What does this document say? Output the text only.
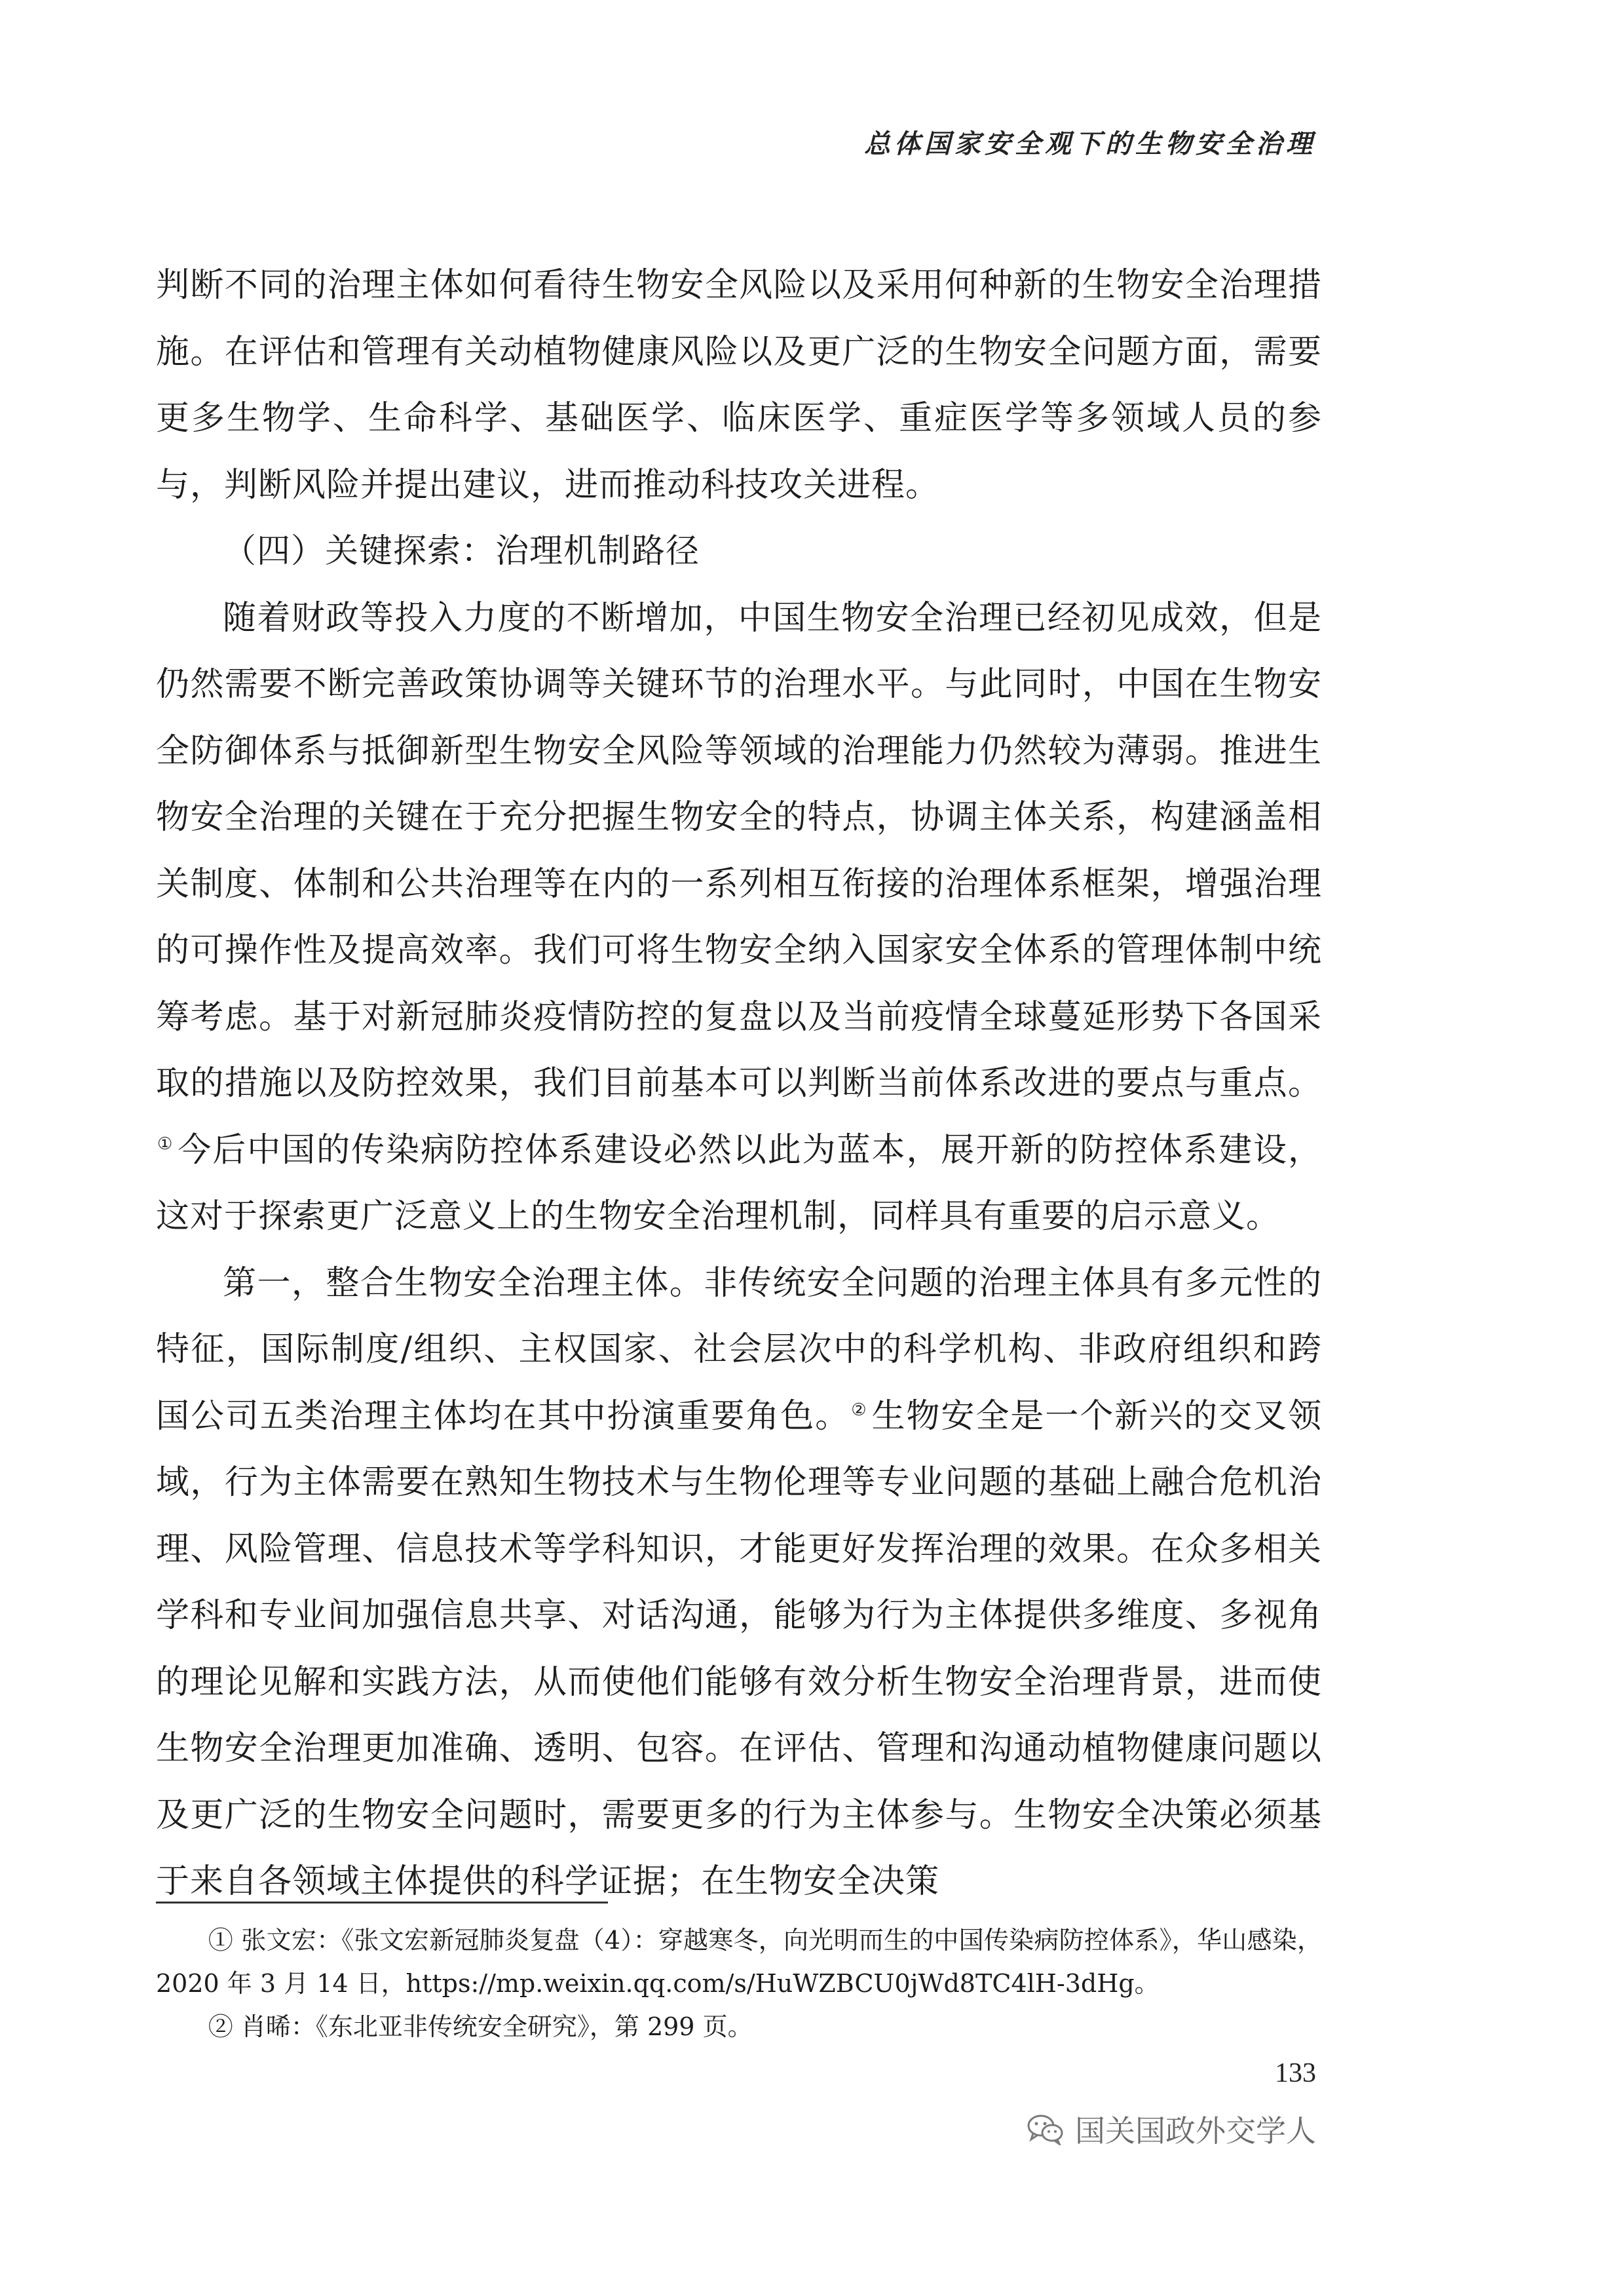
总体国家安全观下的生物安全治理

判断不同的治理主体如何看待生物安全风险以及采用何种新的生物安全治理措施。在评估和管理有关动植物健康风险以及更广泛的生物安全问题方面，需要更多生物学、生命科学、基础医学、临床医学、重症医学等多领域人员的参与，判断风险并提出建议，进而推动科技攻关进程。

（四）关键探索：治理机制路径

随着财政等投入力度的不断增加，中国生物安全治理已经初见成效，但是仍然需要不断完善政策协调等关键环节的治理水平。与此同时，中国在生物安全防御体系与抵御新型生物安全风险等领域的治理能力仍然较为薄弱。推进生物安全治理的关键在于充分把握生物安全的特点，协调主体关系，构建涵盖相关制度、体制和公共治理等在内的一系列相互衔接的治理体系框架，增强治理的可操作性及提高效率。我们可将生物安全纳入国家安全体系的管理体制中统筹考虑。基于对新冠肺炎疫情防控的复盘以及当前疫情全球蔓延形势下各国采取的措施以及防控效果，我们目前基本可以判断当前体系改进的要点与重点。① 今后中国的传染病防控体系建设必然以此为蓝本，展开新的防控体系建设，这对于探索更广泛意义上的生物安全治理机制，同样具有重要的启示意义。

第一，整合生物安全治理主体。非传统安全问题的治理主体具有多元性的特征，国际制度/组织、主权国家、社会层次中的科学机构、非政府组织和跨国公司五类治理主体均在其中扮演重要角色。② 生物安全是一个新兴的交叉领域，行为主体需要在熟知生物技术与生物伦理等专业问题的基础上融合危机治理、风险管理、信息技术等学科知识，才能更好发挥治理的效果。在众多相关学科和专业间加强信息共享、对话沟通，能够为行为主体提供多维度、多视角的理论见解和实践方法，从而使他们能够有效分析生物安全治理背景，进而使生物安全治理更加准确、透明、包容。在评估、管理和沟通动植物健康问题以及更广泛的生物安全问题时，需要更多的行为主体参与。生物安全决策必须基于来自各领域主体提供的科学证据；在生物安全决策

① 张文宏：《张文宏新冠肺炎复盘（4）：穿越寒冬，向光明而生的中国传染病防控体系》，华山感染，2020 年 3 月 14 日，https://mp.weixin.qq.com/s/HuWZBCU0jWd8TC4lH-3dHg。

② 肖晞：《东北亚非传统安全研究》，第 299 页。

133
国关国政外交学人
